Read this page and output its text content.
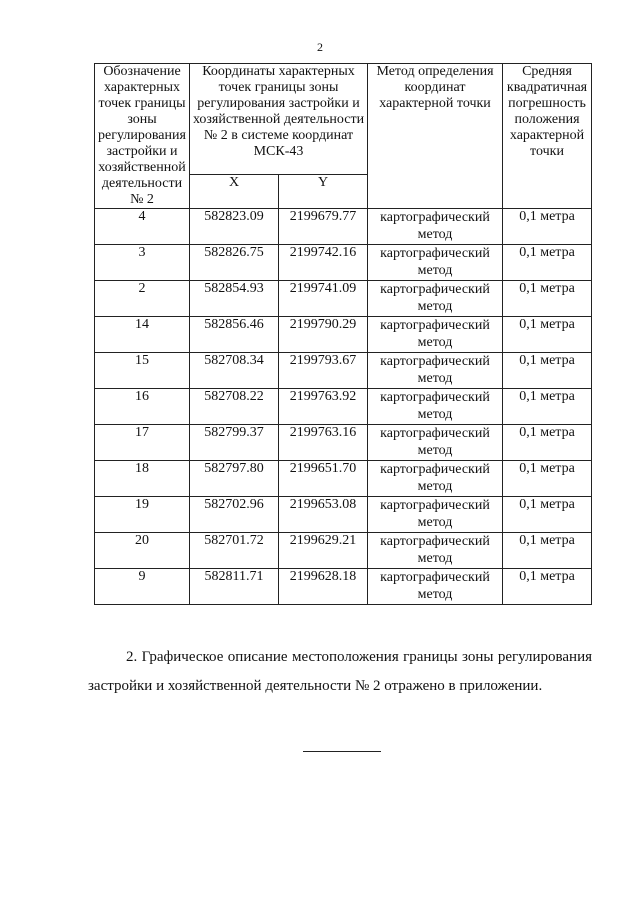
2
Обозначение характерных точек границы зоны регулирования застройки и хозяйственной деятельности № 2	Координаты характерных точек границы зоны регулирования застройки и хозяйственной деятельности № 2 в системе координат МСК-43		Метод определения координат характерной точки	Средняя квадратичная погрешность положения характерной точки
	X	Y		
4	582823.09	2199679.77	картографический метод	0,1 метра
3	582826.75	2199742.16	картографический метод	0,1 метра
2	582854.93	2199741.09	картографический метод	0,1 метра
14	582856.46	2199790.29	картографический метод	0,1 метра
15	582708.34	2199793.67	картографический метод	0,1 метра
16	582708.22	2199763.92	картографический метод	0,1 метра
17	582799.37	2199763.16	картографический метод	0,1 метра
18	582797.80	2199651.70	картографический метод	0,1 метра
19	582702.96	2199653.08	картографический метод	0,1 метра
20	582701.72	2199629.21	картографический метод	0,1 метра
9	582811.71	2199628.18	картографический метод	0,1 метра
2. Графическое описание местоположения границы зоны регулирования застройки и хозяйственной деятельности № 2 отражено в приложении.
